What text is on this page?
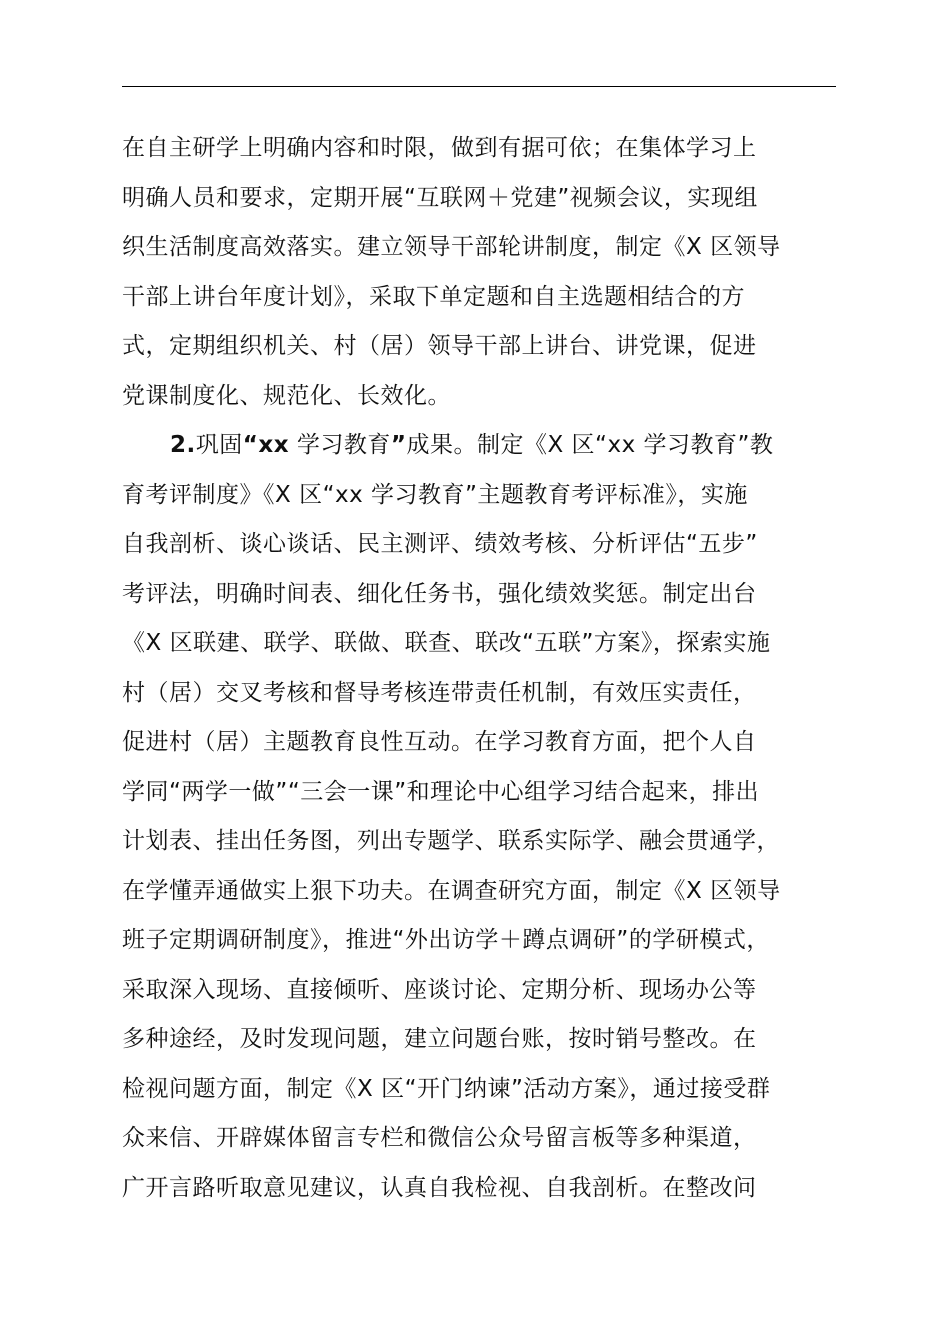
在自主研学上明确内容和时限，做到有据可依；在集体学习上
明确人员和要求，定期开展“互联网＋党建”视频会议，实现组
织生活制度高效落实。建立领导干部轮讲制度，制定《X 区领导
干部上讲台年度计划》，采取下单定题和自主选题相结合的方
式，定期组织机关、村（居）领导干部上讲台、讲党课，促进
党课制度化、规范化、长效化。
2.巩固“xx 学习教育”成果。制定《X 区“xx 学习教育”教
育考评制度》《X 区“xx 学习教育”主题教育考评标准》，实施
自我剖析、谈心谈话、民主测评、绩效考核、分析评估“五步”
考评法，明确时间表、细化任务书，强化绩效奖惩。制定出台
《X 区联建、联学、联做、联查、联改“五联”方案》，探索实施
村（居）交叉考核和督导考核连带责任机制，有效压实责任，
促进村（居）主题教育良性互动。在学习教育方面，把个人自
学同“两学一做”“三会一课”和理论中心组学习结合起来，排出
计划表、挂出任务图，列出专题学、联系实际学、融会贯通学，
在学懂弄通做实上狠下功夫。在调查研究方面，制定《X 区领导
班子定期调研制度》，推进“外出访学＋蹲点调研”的学研模式，
采取深入现场、直接倾听、座谈讨论、定期分析、现场办公等
多种途经，及时发现问题，建立问题台账，按时销号整改。在
检视问题方面，制定《X 区“开门纳谏”活动方案》，通过接受群
众来信、开辟媒体留言专栏和微信公众号留言板等多种渠道，
广开言路听取意见建议，认真自我检视、自我剖析。在整改问
